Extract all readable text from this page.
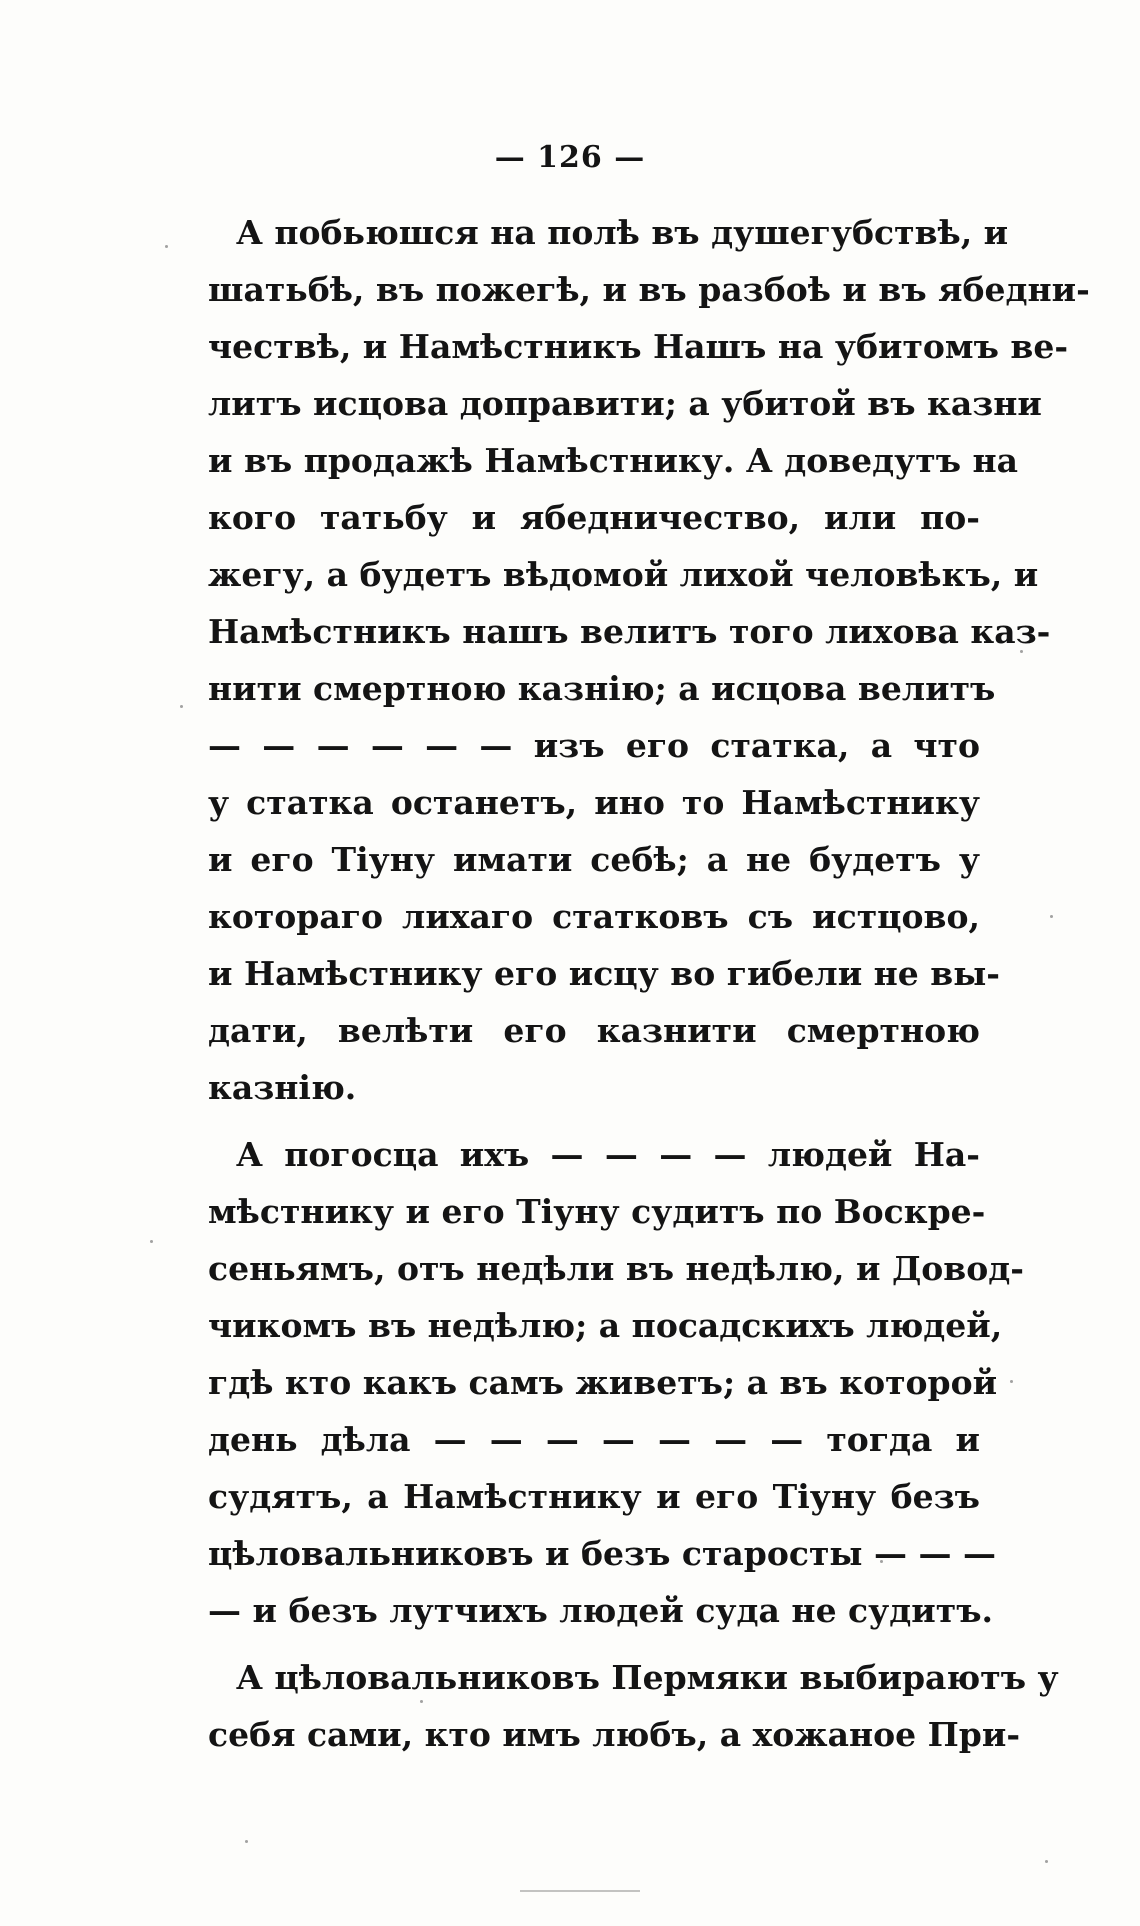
— 126 —
А побьюшся на полѣ въ душегубствѣ, и
шатьбѣ, въ пожегѣ, и въ разбоѣ и въ ябедни-
чествѣ, и Намѣстникъ Нашъ на убитомъ ве-
литъ исцова доправити; а убитой въ казни
и въ продажѣ Намѣстнику. А доведутъ на
кого татьбу и ябедничество, или по-
жегу, а будетъ вѣдомой лихой человѣкъ, и
Намѣстникъ нашъ велитъ того лихова каз-
нити смертною казнію; а исцова велитъ
— — — — — — изъ его статка, а что
у статка останетъ, ино то Намѣстнику
и его Тіуну имати себѣ; а не будетъ у
котораго лихаго статковъ съ истцово,
и Намѣстнику его исцу во гибели не вы-
дати, велѣти его казнити смертною
казнію.
А погосца ихъ — — — — людей На-
мѣстнику и его Тіуну судитъ по Воскре-
сеньямъ, отъ недѣли въ недѣлю, и Довод-
чикомъ въ недѣлю; а посадскихъ людей,
гдѣ кто какъ самъ живетъ; а въ которой
день дѣла — — — — — — — тогда и
судятъ, а Намѣстнику и его Тіуну безъ
цѣловальниковъ и безъ старосты — — —
— и безъ лутчихъ людей суда не судитъ.
А цѣловальниковъ Пермяки выбираютъ у
себя сами, кто имъ любъ, а хожаное При-
